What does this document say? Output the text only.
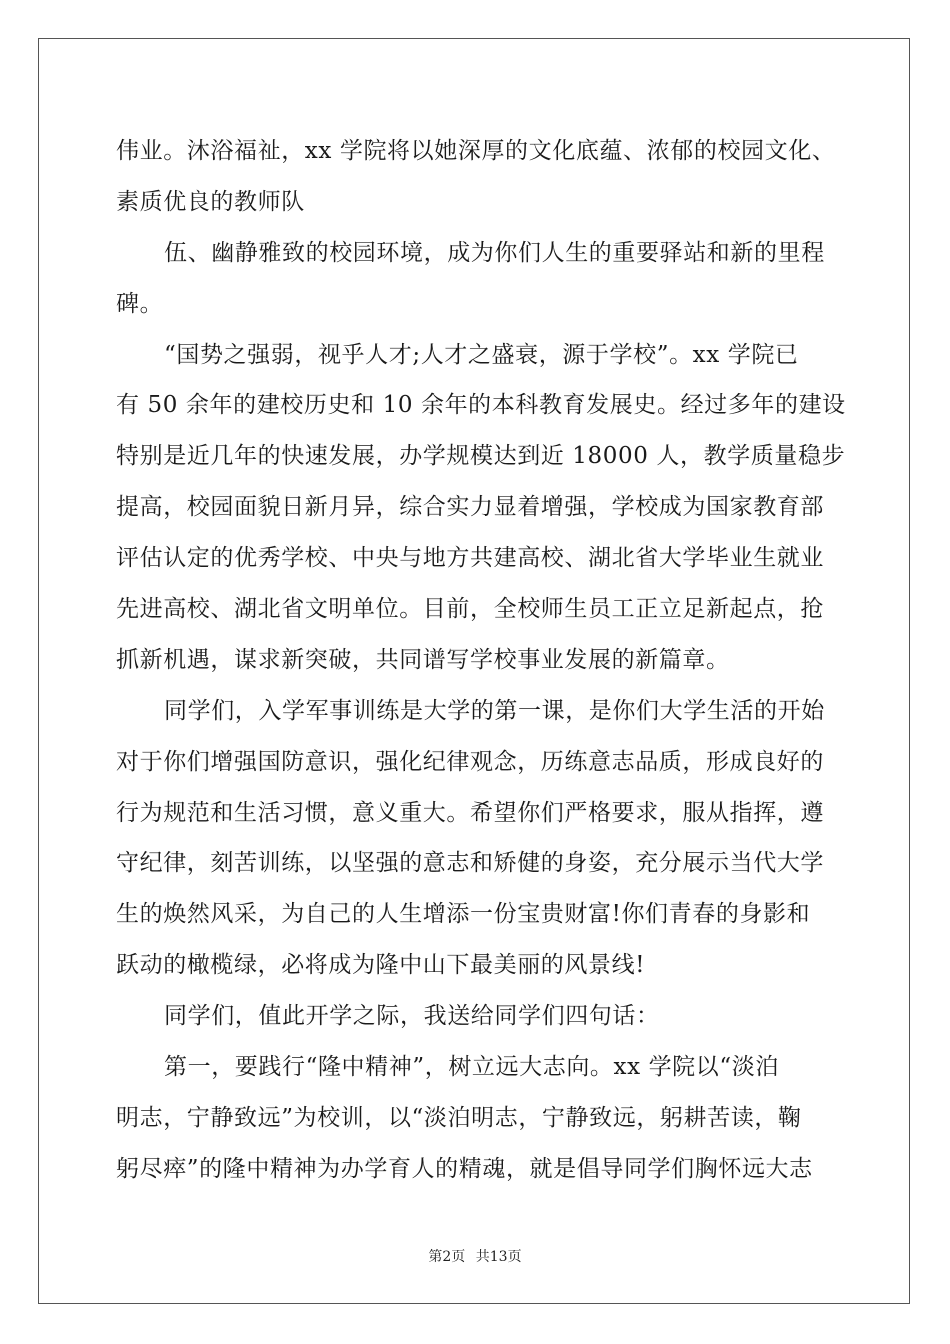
伟业。沐浴福祉，xx 学院将以她深厚的文化底蕴、浓郁的校园文化、
素质优良的教师队
伍、幽静雅致的校园环境，成为你们人生的重要驿站和新的里程
碑。
“国势之强弱，视乎人才;人才之盛衰，源于学校”。xx 学院已
有 50 余年的建校历史和 10 余年的本科教育发展史。经过多年的建设
特别是近几年的快速发展，办学规模达到近 18000 人，教学质量稳步
提高，校园面貌日新月异，综合实力显着增强，学校成为国家教育部
评估认定的优秀学校、中央与地方共建高校、湖北省大学毕业生就业
先进高校、湖北省文明单位。目前，全校师生员工正立足新起点，抢
抓新机遇，谋求新突破，共同谱写学校事业发展的新篇章。
同学们，入学军事训练是大学的第一课，是你们大学生活的开始
对于你们增强国防意识，强化纪律观念，历练意志品质，形成良好的
行为规范和生活习惯，意义重大。希望你们严格要求，服从指挥，遵
守纪律，刻苦训练，以坚强的意志和矫健的身姿，充分展示当代大学
生的焕然风采，为自己的人生增添一份宝贵财富!你们青春的身影和
跃动的橄榄绿，必将成为隆中山下最美丽的风景线!
同学们，值此开学之际，我送给同学们四句话：
第一，要践行“隆中精神”，树立远大志向。xx 学院以“淡泊
明志，宁静致远”为校训，以“淡泊明志，宁静致远，躬耕苦读，鞠
躬尽瘁”的隆中精神为办学育人的精魂，就是倡导同学们胸怀远大志
第2页 共13页
